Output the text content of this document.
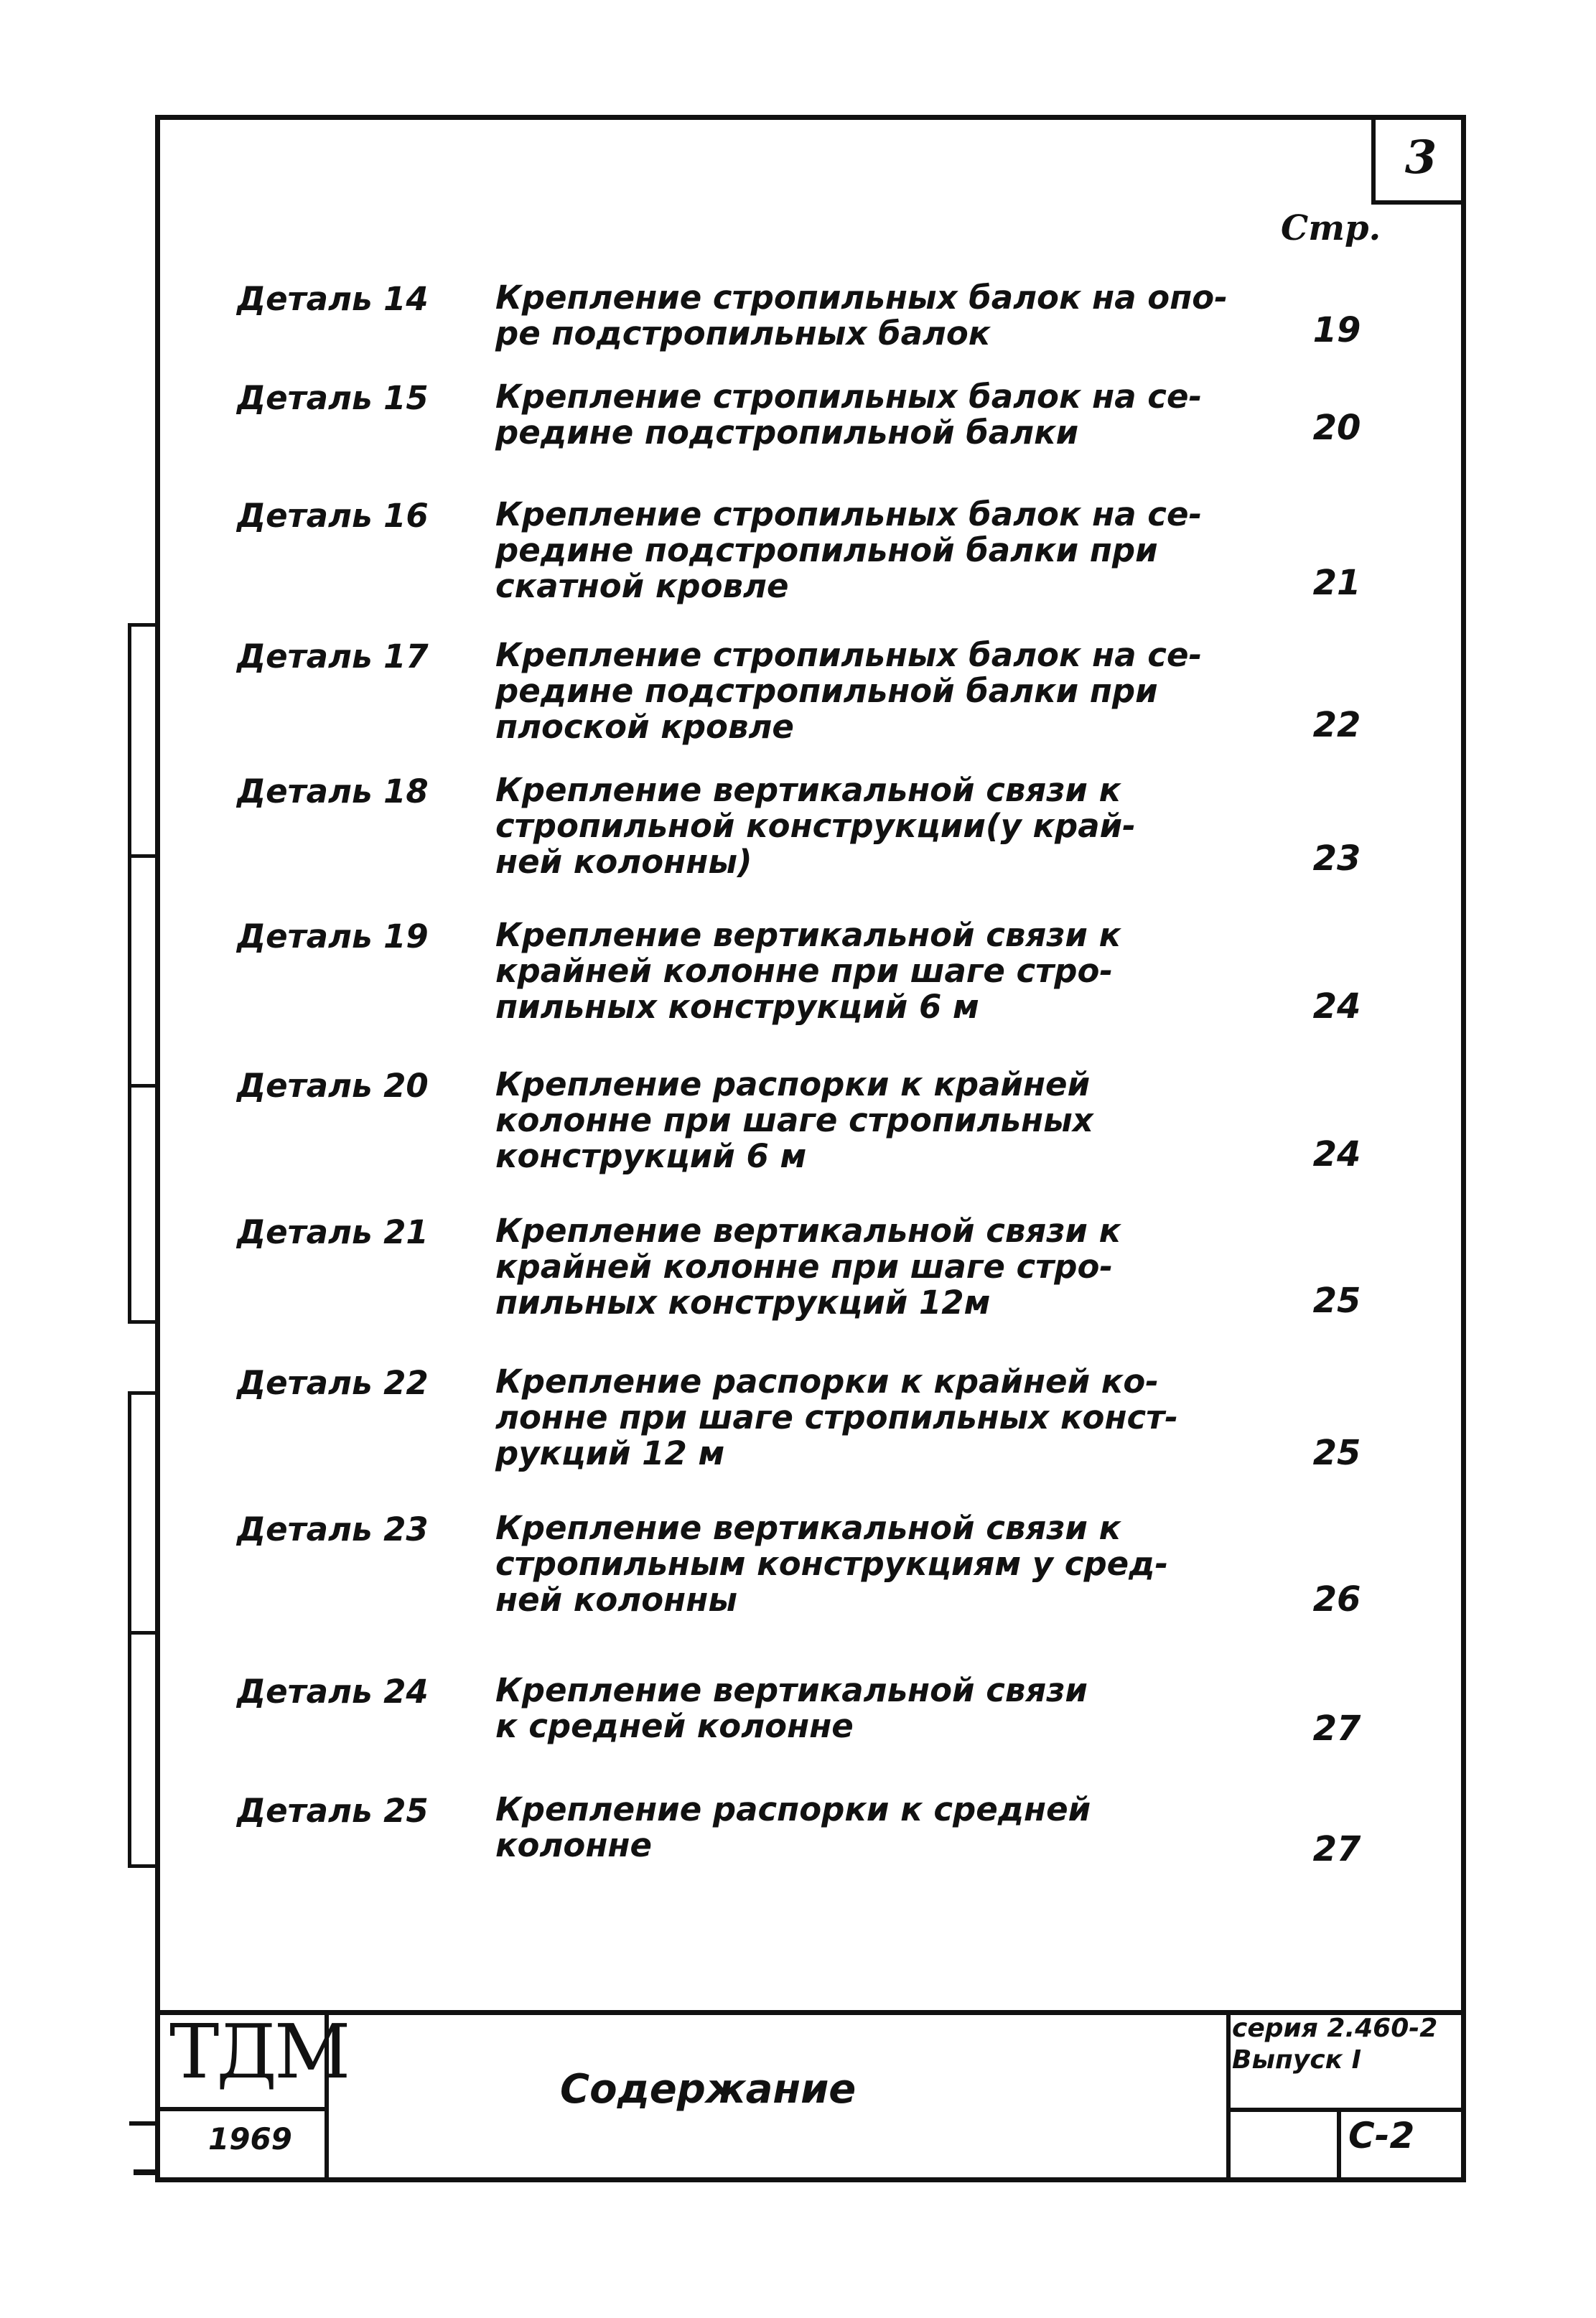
3
Стр.
Деталь 14 Крепление стропильных балок на опо-
ре подстропильных балок	19
Деталь 15 Крепление стропильных балок на се-
редине подстропильной балки	20
Деталь 16 Крепление стропильных балок на се-
редине подстропильной балки при
скатной кровле	21
Деталь 17 Крепление стропильных балок на се-
редине подстропильной балки при
плоской кровле	22
Деталь 18 Крепление вертикальной связи к
стропильной конструкции(у край-
ней колонны)	23
Деталь 19 Крепление вертикальной связи к
крайней колонне при шаге стро-
пильных конструкций 6 м	24
Деталь 20 Крепление распорки к крайней
колонне при шаге стропильных
конструкций 6 м	24
Деталь 21 Крепление вертикальной связи к
крайней колонне при шаге стро-
пильных конструкций 12м	25
Деталь 22 Крепление распорки к крайней ко-
лонне при шаге стропильных конст-
рукций 12 м	25
Деталь 23 Крепление вертикальной связи к
стропильным конструкциям у сред-
ней колонны	26
Деталь 24 Крепление вертикальной связи
к средней колонне	27
Деталь 25 Крепление распорки к средней
колонне	27
ТДМ
1969
Содержание
серия 2.460-2
Выпуск I
С-2
